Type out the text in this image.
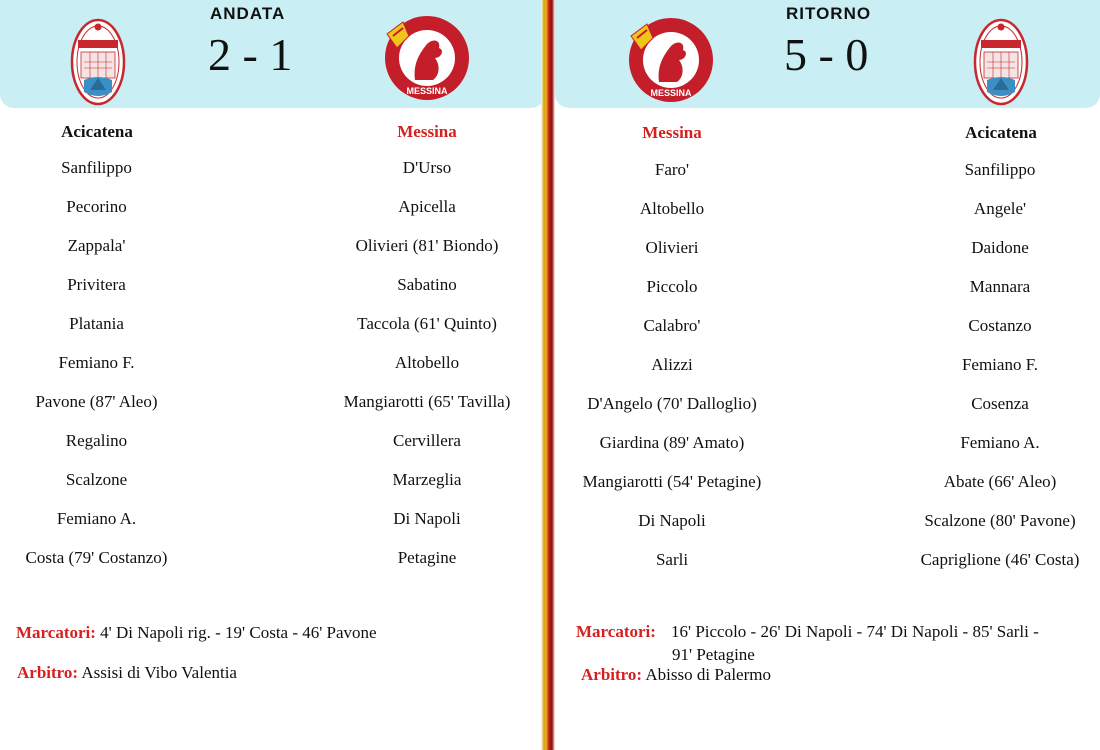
ANDATA
2 - 1
MESSINA
Acicatena	Messina
Sanfilippo
Pecorino
Zappala'
Privitera
Platania
Femiano F.
Pavone (87' Aleo)
Regalino
Scalzone
Femiano A.
Costa (79' Costanzo)
D'Urso
Apicella
Olivieri (81' Biondo)
Sabatino
Taccola (61' Quinto)
Altobello
Mangiarotti (65' Tavilla)
Cervillera
Marzeglia
Di Napoli
Petagine
Marcatori: 4' Di Napoli rig. - 19' Costa - 46' Pavone
Arbitro: Assisi di Vibo Valentia
MESSINA
RITORNO
5 - 0
Messina	Acicatena
Faro'
Altobello
Olivieri
Piccolo
Calabro'
Alizzi
D'Angelo (70' Dalloglio)
Giardina (89' Amato)
Mangiarotti (54' Petagine)
Di Napoli
Sarli
Sanfilippo
Angele'
Daidone
Mannara
Costanzo
Femiano F.
Cosenza
Femiano A.
Abate (66' Aleo)
Scalzone (80' Pavone)
Capriglione (46' Costa)
Marcatori: 16' Piccolo - 26' Di Napoli - 74' Di Napoli - 85' Sarli -
91' Petagine
Arbitro: Abisso di Palermo
